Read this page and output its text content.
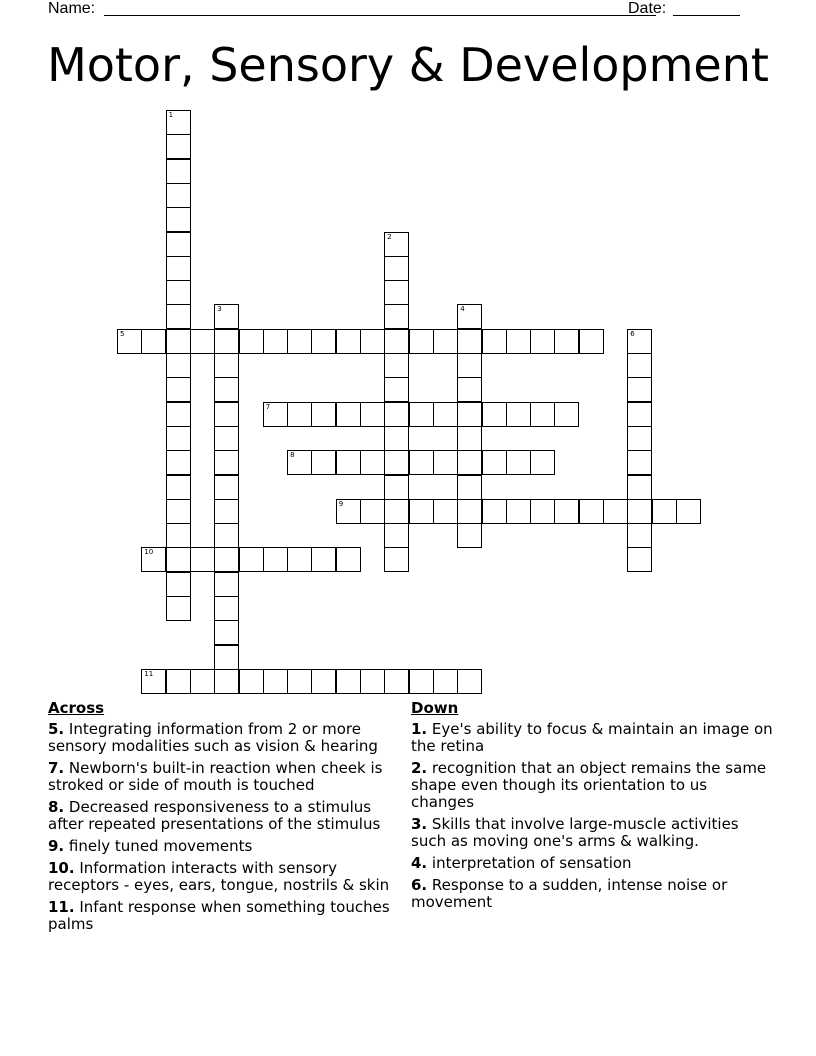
Name:	Date:
Motor, Sensory & Development
1
2
3	4
5	6
7
8
9
10
11
Across
5. Integrating information from 2 or more sensory modalities such as vision & hearing
7. Newborn's built-in reaction when cheek is stroked or side of mouth is touched
8. Decreased responsiveness to a stimulus after repeated presentations of the stimulus
9. finely tuned movements
10. Information interacts with sensory receptors - eyes, ears, tongue, nostrils & skin
11. Infant response when something touches palms
Down
1. Eye's ability to focus & maintain an image on the retina
2. recognition that an object remains the same shape even though its orientation to us changes
3. Skills that involve large-muscle activities such as moving one's arms & walking.
4. interpretation of sensation
6. Response to a sudden, intense noise or movement
